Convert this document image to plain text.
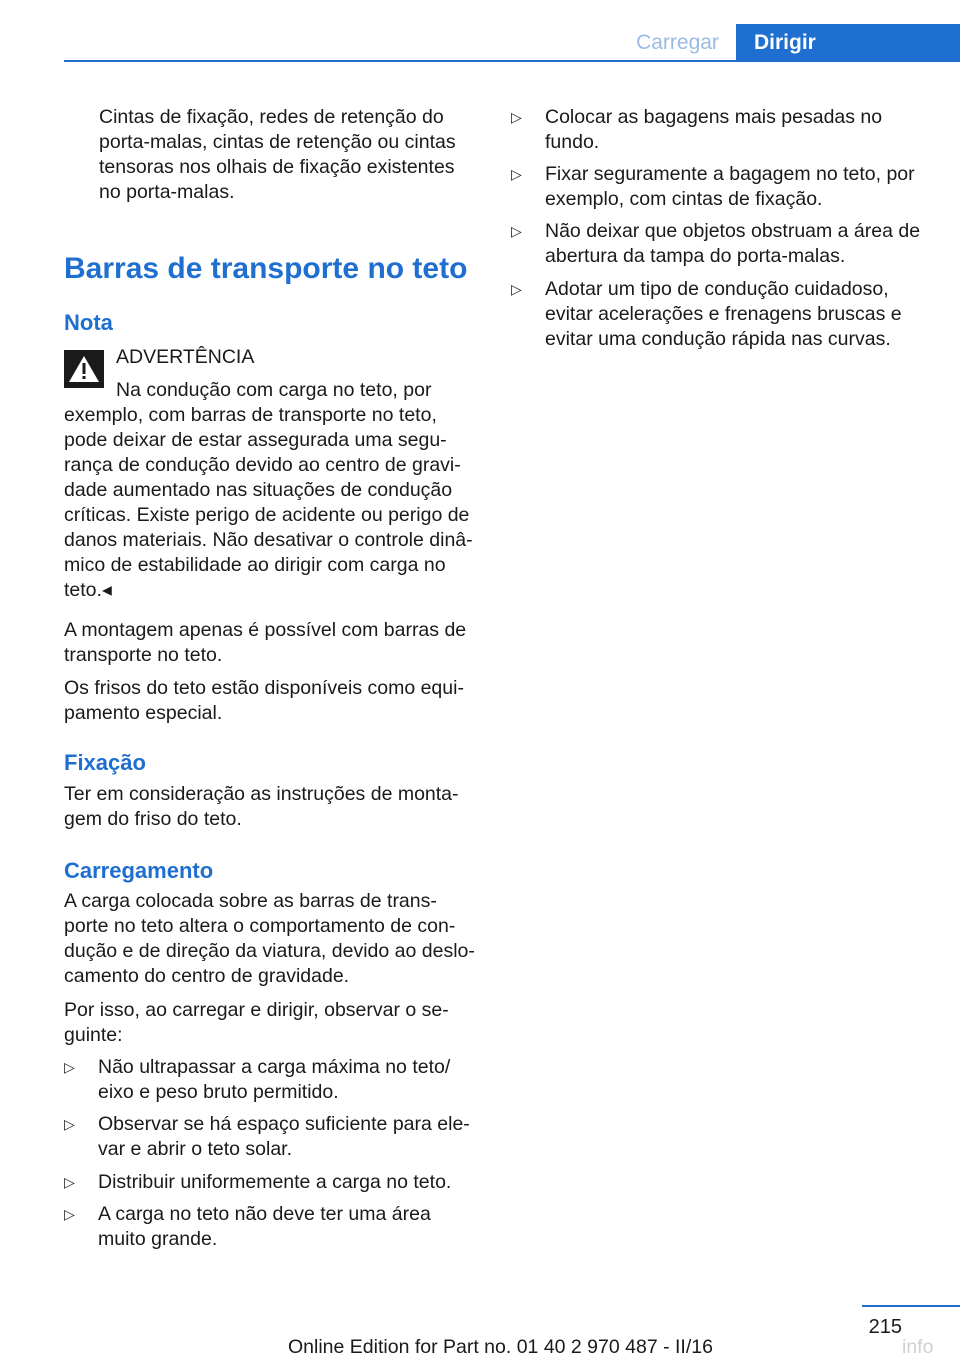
Carregar	Dirigir
Cintas de fixação, redes de retenção do porta-malas, cintas de retenção ou cintas tensoras nos olhais de fixação existentes no porta-malas.
Barras de transporte no teto
Nota
ADVERTÊNCIA
Na condução com carga no teto, por
exemplo, com barras de transporte no teto,
pode deixar de estar assegurada uma segu-
rança de condução devido ao centro de gravi-
dade aumentado nas situações de condução
críticas. Existe perigo de acidente ou perigo de
danos materiais. Não desativar o controle dinâ-
mico de estabilidade ao dirigir com carga no
teto.◂
A montagem apenas é possível com barras de
transporte no teto.
Os frisos do teto estão disponíveis como equi-
pamento especial.
Fixação
Ter em consideração as instruções de monta-
gem do friso do teto.
Carregamento
A carga colocada sobre as barras de trans-
porte no teto altera o comportamento de con-
dução e de direção da viatura, devido ao deslo-
camento do centro de gravidade.
Por isso, ao carregar e dirigir, observar o se-
guinte:
▷	Não ultrapassar a carga máxima no teto/
eixo e peso bruto permitido.
▷	Observar se há espaço suficiente para ele-
var e abrir o teto solar.
▷	Distribuir uniformemente a carga no teto.
▷	A carga no teto não deve ter uma área
muito grande.
▷	Colocar as bagagens mais pesadas no
fundo.
▷	Fixar seguramente a bagagem no teto, por
exemplo, com cintas de fixação.
▷	Não deixar que objetos obstruam a área de
abertura da tampa do porta-malas.
▷	Adotar um tipo de condução cuidadoso,
evitar acelerações e frenagens bruscas e
evitar uma condução rápida nas curvas.
215
Online Edition for Part no. 01 40 2 970 487 - II/16	info
